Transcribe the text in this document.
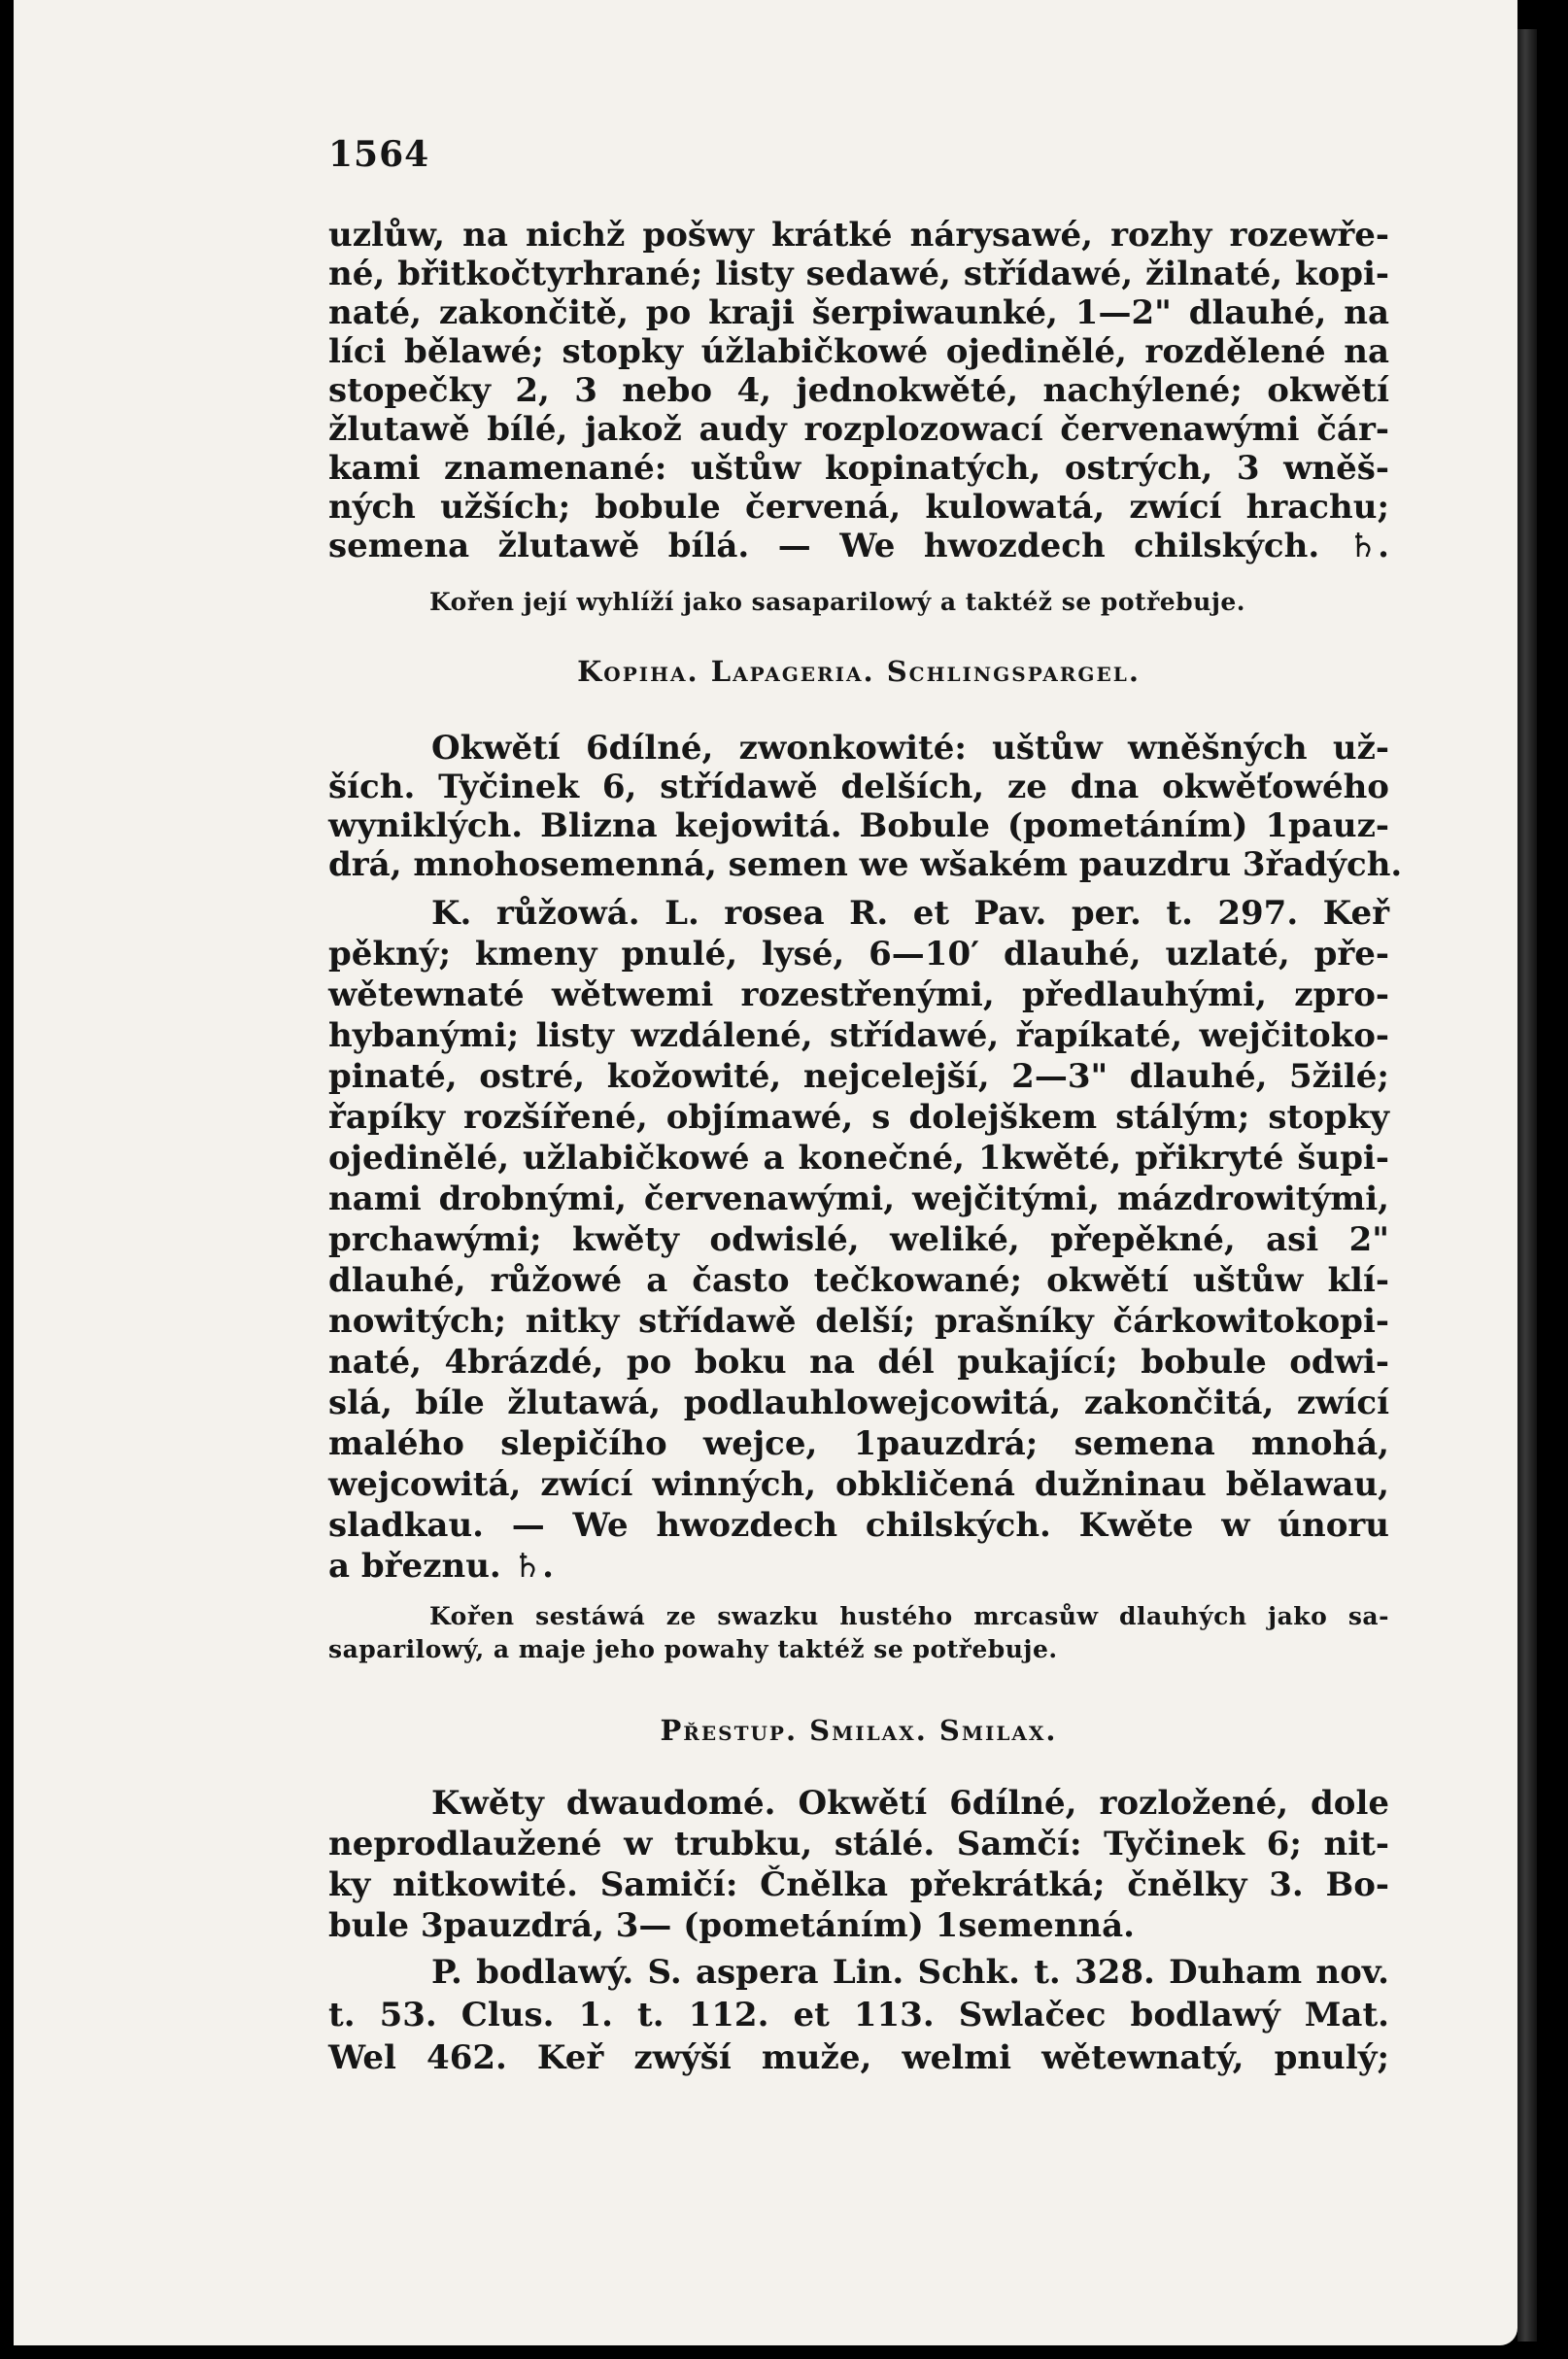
1564
uzlůw, na nichž pošwy krátké nárysawé, rozhy rozewře-
né, břitkočtyrhrané; listy sedawé, střídawé, žilnaté, kopi-
naté, zakončitě, po kraji šerpiwaunké, 1—2" dlauhé, na
líci bělawé; stopky úžlabičkowé ojedinělé, rozdělené na
stopečky 2, 3 nebo 4, jednokwěté, nachýlené; okwětí
žlutawě bílé, jakož audy rozplozowací červenawými čár-
kami znamenané: uštůw kopinatých, ostrých, 3 wněš-
ných užších; bobule červená, kulowatá, zwící hrachu;
semena žlutawě bílá. — We hwozdech chilských. ♄.
Kořen její wyhlíží jako sasaparilowý a taktéž se potřebuje.
Kopiha. Lapageria. Schlingspargel.
Okwětí 6dílné, zwonkowité: uštůw wněšných už-
ších. Tyčinek 6, střídawě delších, ze dna okwěťowého
wyniklých. Blizna kejowitá. Bobule (pometáním) 1pauz-
drá, mnohosemenná, semen we wšakém pauzdru 3řadých.
K. růžowá. L. rosea R. et Pav. per. t. 297. Keř
pěkný; kmeny pnulé, lysé, 6—10′ dlauhé, uzlaté, pře-
wětewnaté wětwemi rozestřenými, předlauhými, zpro-
hybanými; listy wzdálené, střídawé, řapíkaté, wejčitoko-
pinaté, ostré, kožowité, nejcelejší, 2—3" dlauhé, 5žilé;
řapíky rozšířené, objímawé, s dolejškem stálým; stopky
ojedinělé, užlabičkowé a konečné, 1kwěté, přikryté šupi-
nami drobnými, červenawými, wejčitými, mázdrowitými,
prchawými; kwěty odwislé, weliké, přepěkné, asi 2"
dlauhé, růžowé a často tečkowané; okwětí uštůw klí-
nowitých; nitky střídawě delší; prašníky čárkowitokopi-
naté, 4brázdé, po boku na dél pukající; bobule odwi-
slá, bíle žlutawá, podlauhlowejcowitá, zakončitá, zwící
malého slepičího wejce, 1pauzdrá; semena mnohá,
wejcowitá, zwící winných, obkličená dužninau bělawau,
sladkau. — We hwozdech chilských. Kwěte w únoru
a březnu. ♄.
Kořen sestáwá ze swazku hustého mrcasůw dlauhých jako sa-
saparilowý, a maje jeho powahy taktéž se potřebuje.
Přestup. Smilax. Smilax.
Kwěty dwaudomé. Okwětí 6dílné, rozložené, dole
neprodlaužené w trubku, stálé. Samčí: Tyčinek 6; nit-
ky nitkowité. Samičí: Čnělka překrátká; čnělky 3. Bo-
bule 3pauzdrá, 3— (pometáním) 1semenná.
P. bodlawý. S. aspera Lin. Schk. t. 328. Duham nov.
t. 53. Clus. 1. t. 112. et 113. Swlačec bodlawý Mat.
Wel 462. Keř zwýší muže, welmi wětewnatý, pnulý;
